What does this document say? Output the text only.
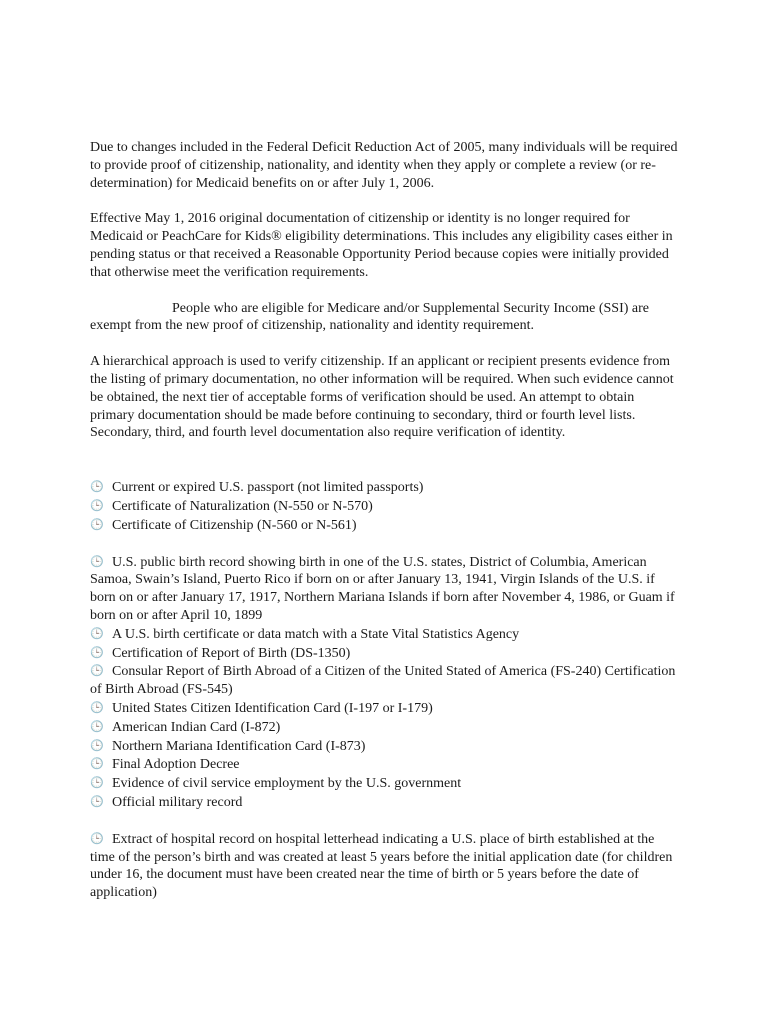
Due to changes included in the Federal Deficit Reduction Act of 2005, many individuals will be required to provide proof of citizenship, nationality, and identity when they apply or complete a review (or re-determination) for Medicaid benefits on or after July 1, 2006.

Effective May 1, 2016 original documentation of citizenship or identity is no longer required for Medicaid or PeachCare for Kids® eligibility determinations. This includes any eligibility cases either in pending status or that received a Reasonable Opportunity Period because copies were initially provided that otherwise meet the verification requirements.

People who are eligible for Medicare and/or Supplemental Security Income (SSI) are exempt from the new proof of citizenship, nationality and identity requirement.

A hierarchical approach is used to verify citizenship. If an applicant or recipient presents evidence from the listing of primary documentation, no other information will be required. When such evidence cannot be obtained, the next tier of acceptable forms of verification should be used. An attempt to obtain primary documentation should be made before continuing to secondary, third or fourth level lists. Secondary, third, and fourth level documentation also require verification of identity.

🕒 Current or expired U.S. passport (not limited passports)
🕒 Certificate of Naturalization (N-550 or N-570)
🕒 Certificate of Citizenship (N-560 or N-561)
🕒 U.S. public birth record showing birth in one of the U.S. states, District of Columbia, American Samoa, Swain’s Island, Puerto Rico if born on or after January 13, 1941, Virgin Islands of the U.S. if born on or after January 17, 1917, Northern Mariana Islands if born after November 4, 1986, or Guam if born on or after April 10, 1899
🕒 A U.S. birth certificate or data match with a State Vital Statistics Agency
🕒 Certification of Report of Birth (DS-1350)
🕒 Consular Report of Birth Abroad of a Citizen of the United Stated of America (FS-240) Certification of Birth Abroad (FS-545)
🕒 United States Citizen Identification Card (I-197 or I-179)
🕒 American Indian Card (I-872)
🕒 Northern Mariana Identification Card (I-873)
🕒 Final Adoption Decree
🕒 Evidence of civil service employment by the U.S. government
🕒 Official military record
🕒 Extract of hospital record on hospital letterhead indicating a U.S. place of birth established at the time of the person’s birth and was created at least 5 years before the initial application date (for children under 16, the document must have been created near the time of birth or 5 years before the date of application)
